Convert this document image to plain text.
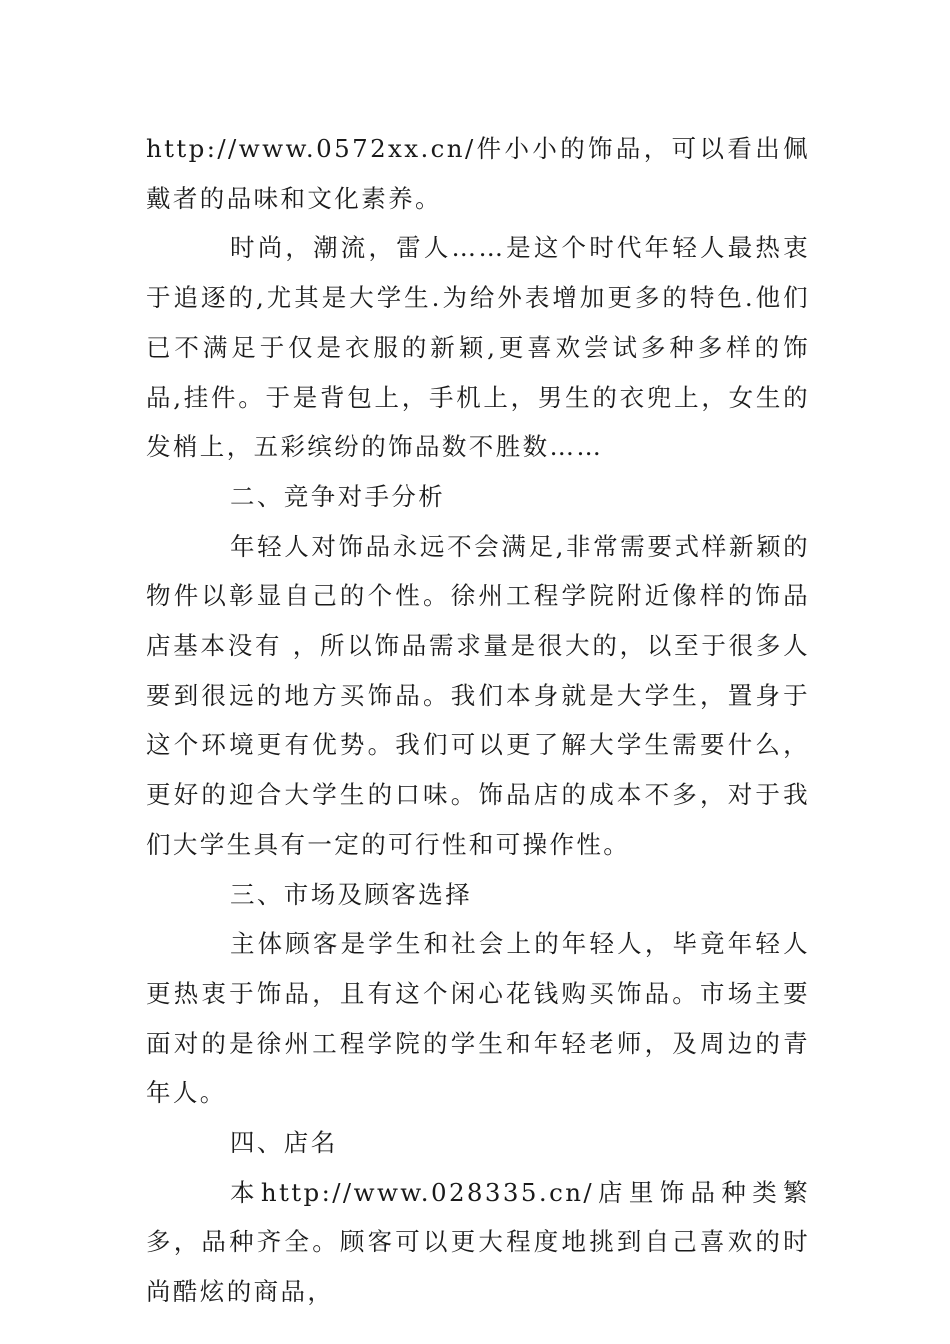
http://www.0572xx.cn/件小小的饰品，可以看出佩戴者的品味和文化素养。

时尚，潮流，雷人……是这个时代年轻人最热衷于追逐的,尤其是大学生.为给外表增加更多的特色.他们已不满足于仅是衣服的新颖,更喜欢尝试多种多样的饰品,挂件。于是背包上，手机上，男生的衣兜上，女生的发梢上，五彩缤纷的饰品数不胜数……

二、竞争对手分析

年轻人对饰品永远不会满足,非常需要式样新颖的物件以彰显自己的个性。徐州工程学院附近像样的饰品店基本没有 ，所以饰品需求量是很大的，以至于很多人要到很远的地方买饰品。我们本身就是大学生，置身于这个环境更有优势。我们可以更了解大学生需要什么，更好的迎合大学生的口味。饰品店的成本不多，对于我们大学生具有一定的可行性和可操作性。

三、市场及顾客选择

主体顾客是学生和社会上的年轻人，毕竟年轻人更热衷于饰品，且有这个闲心花钱购买饰品。市场主要面对的是徐州工程学院的学生和年轻老师，及周边的青年人。

四、店名

本http://www.028335.cn/店里饰品种类繁多，品种齐全。顾客可以更大程度地挑到自己喜欢的时尚酷炫的商品，
